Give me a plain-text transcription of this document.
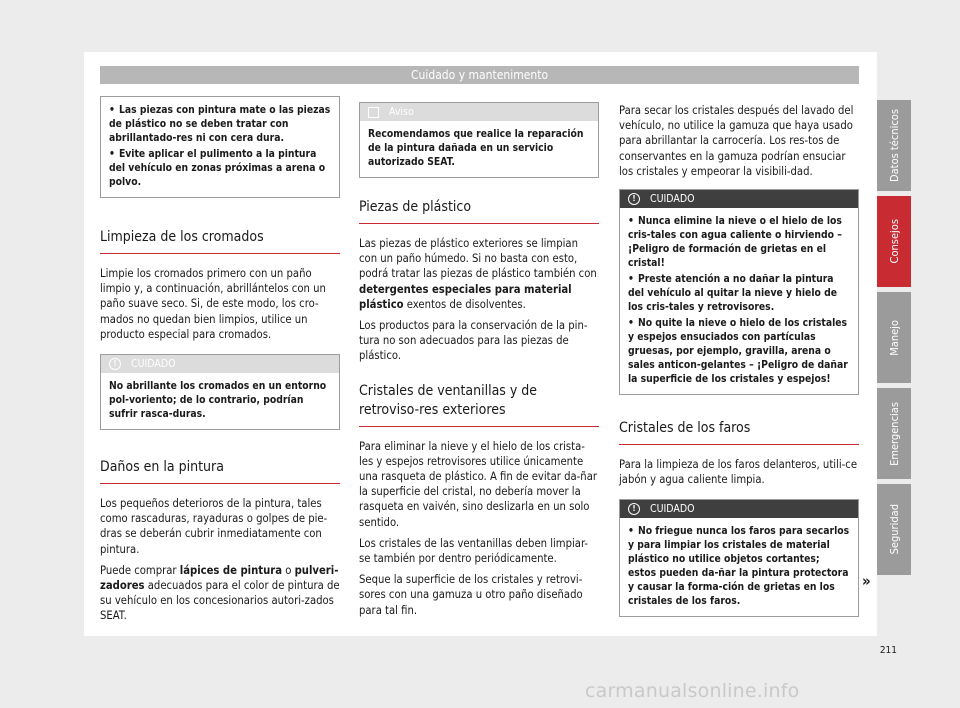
Cuidado y mantenimento

• Las piezas con pintura mate o las piezas de plástico no se deben tratar con abrillantado-res ni con cera dura.

• Evite aplicar el pulimento a la pintura del vehículo en zonas próximas a arena o polvo.

Limpieza de los cromados

Limpie los cromados primero con un paño limpio y, a continuación, abrillántelos con un paño suave seco. Si, de este modo, los cro-mados no quedan bien limpios, utilice un producto especial para cromados.

!	CUIDADO

No abrillante los cromados en un entorno pol-voriento; de lo contrario, podrían sufrir rasca-duras.

Daños en la pintura

Los pequeños deterioros de la pintura, tales como rascaduras, rayaduras o golpes de pie-dras se deberán cubrir inmediatamente con pintura.

Puede comprar lápices de pintura o pulveri-zadores adecuados para el color de pintura de su vehículo en los concesionarios autori-zados SEAT.

Aviso

Recomendamos que realice la reparación de la pintura dañada en un servicio autorizado SEAT.

Piezas de plástico

Las piezas de plástico exteriores se limpian con un paño húmedo. Si no basta con esto, podrá tratar las piezas de plástico también con detergentes especiales para material plástico exentos de disolventes.

Los productos para la conservación de la pin-tura no son adecuados para las piezas de plástico.

Cristales de ventanillas y de retroviso-res exteriores

Para eliminar la nieve y el hielo de los crista-les y espejos retrovisores utilice únicamente una rasqueta de plástico. A fin de evitar da-ñar la superficie del cristal, no debería mover la rasqueta en vaivén, sino deslizarla en un solo sentido.

Los cristales de las ventanillas deben limpiar-se también por dentro periódicamente.

Seque la superficie de los cristales y retrovi-sores con una gamuza u otro paño diseñado para tal fin.

Para secar los cristales después del lavado del vehículo, no utilice la gamuza que haya usado para abrillantar la carrocería. Los res-tos de conservantes en la gamuza podrían ensuciar los cristales y empeorar la visibili-dad.

!	CUIDADO

• Nunca elimine la nieve o el hielo de los cris-tales con agua caliente o hirviendo – ¡Peligro de formación de grietas en el cristal!

• Preste atención a no dañar la pintura del vehículo al quitar la nieve y hielo de los cris-tales y retrovisores.

• No quite la nieve o hielo de los cristales y espejos ensuciados con partículas gruesas, por ejemplo, gravilla, arena o sales anticon-gelantes – ¡Peligro de dañar la superficie de los cristales y espejos!

Cristales de los faros

Para la limpieza de los faros delanteros, utili-ce jabón y agua caliente limpia.

!	CUIDADO

• No friegue nunca los faros para secarlos y para limpiar los cristales de material plástico no utilice objetos cortantes; estos pueden da-ñar la pintura protectora y causar la forma-ción de grietas en los cristales de los faros.

»
Datos técnicos
Consejos
Manejo
Emergencias
Seguridad
211
carmanualsonline.info
